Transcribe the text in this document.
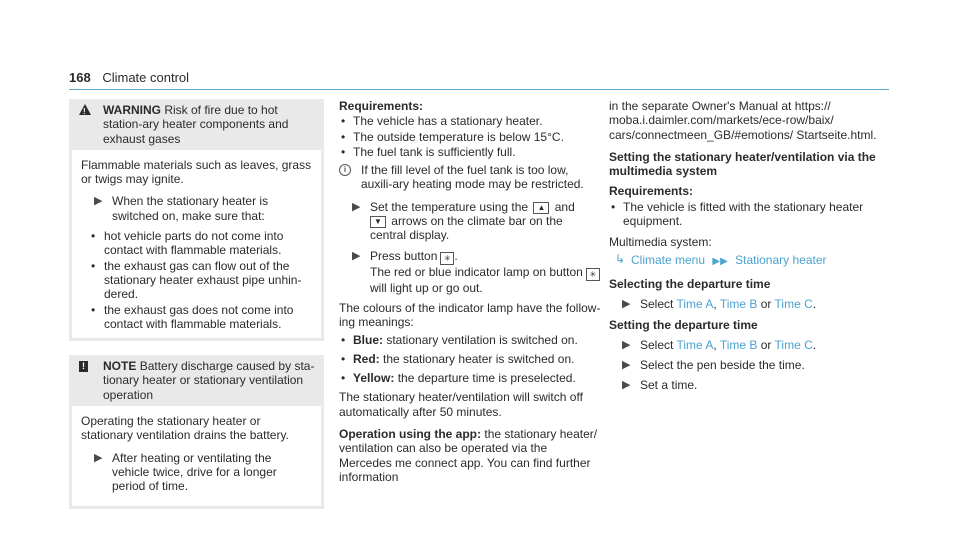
168 Climate control
!
WARNING Risk of fire due to hot station-ary heater components and exhaust gases

Flammable materials such as leaves, grass or twigs may ignite.

▶ When the stationary heater is switched on, make sure that:
• hot vehicle parts do not come into contact with flammable materials.
• the exhaust gas can flow out of the stationary heater exhaust pipe unhin-dered.
• the exhaust gas does not come into contact with flammable materials.
!	NOTE Battery discharge caused by sta-tionary heater or stationary ventilation operation

Operating the stationary heater or stationary ventilation drains the battery.

▶ After heating or ventilating the vehicle twice, drive for a longer period of time.
Requirements:
• The vehicle has a stationary heater.
• The outside temperature is below 15°C.
• The fuel tank is sufficiently full.
i	If the fill level of the fuel tank is too low, auxili-ary heating mode may be restricted.
▶ Set the temperature using the ▲ and
▼ arrows on the climate bar on the central display.
▶ Press button ✳ .
The red or blue indicator lamp on button ✳
will light up or go out.

The colours of the indicator lamp have the follow-ing meanings:

• Blue: stationary ventilation is switched on.
• Red: the stationary heater is switched on.
• Yellow: the departure time is preselected.

The stationary heater/ventilation will switch off automatically after 50 minutes.

Operation using the app: the stationary heater/ ventilation can also be operated via the Mercedes me connect app. You can find further information

in the separate Owner's Manual at https:// moba.i.daimler.com/markets/ece-row/baix/ cars/connectmeen_GB/#emotions/ Startseite.html.

Setting the stationary heater/ventilation via the multimedia system
Requirements:
• The vehicle is fitted with the stationary heater equipment.
Multimedia system:
↳ Climate menu ▶▶ Stationary heater
Selecting the departure time
▶ Select Time A, Time B or Time C.
Setting the departure time
▶ Select Time A, Time B or Time C.
▶ Select the pen beside the time.
▶ Set a time.
